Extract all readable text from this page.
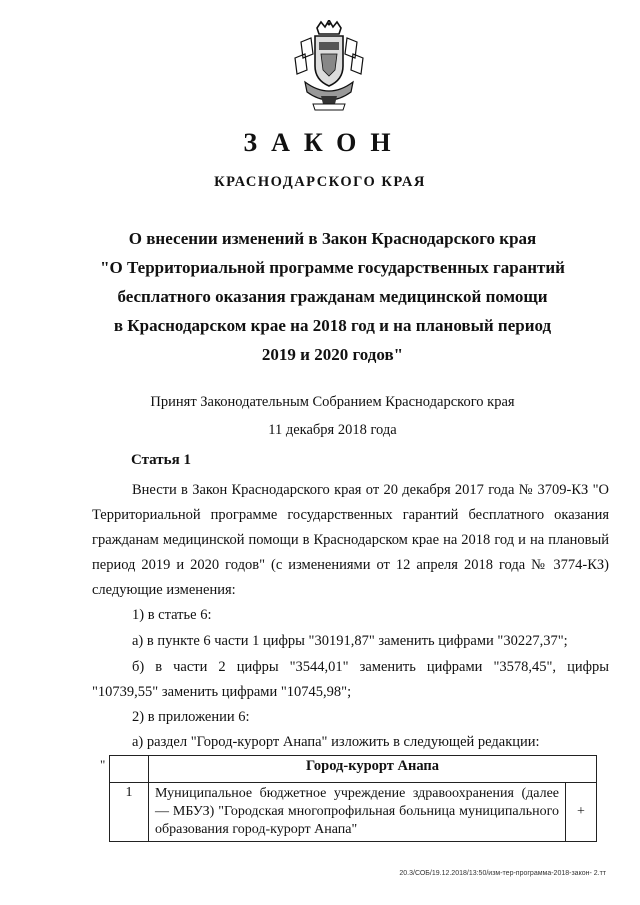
ЗАКОН
КРАСНОДАРСКОГО КРАЯ
О внесении изменений в Закон Краснодарского края
"О Территориальной программе государственных гарантий
бесплатного оказания гражданам медицинской помощи
в Краснодарском крае на 2018 год и на плановый период
2019 и 2020 годов"
Принят Законодательным Собранием Краснодарского края
11 декабря 2018 года
Статья 1
Внести в Закон Краснодарского края от 20 декабря 2017 года № 3709-КЗ "О Территориальной программе государственных гарантий бесплатного оказания гражданам медицинской помощи в Краснодарском крае на 2018 год и на плановый период 2019 и 2020 годов" (с изменениями от 12 апреля 2018 года № 3774-КЗ) следующие изменения:
1) в статье 6:
а) в пункте 6 части 1 цифры "30191,87" заменить цифрами "30227,37";
б) в части 2 цифры "3544,01" заменить цифрами "3578,45", цифры "10739,55" заменить цифрами "10745,98";
2) в приложении 6:
а) раздел "Город-курорт Анапа" изложить в следующей редакции:
"
		Город-курорт Анапа	
1	Муниципальное бюджетное учреждение здравоохранения (далее — МБУЗ) "Городская многопрофильная больница муниципального образования город-курорт Анапа"	+
20.3/СОБ/19.12.2018/13:50/изм-тер-программа-2018-закон- 2.тт
